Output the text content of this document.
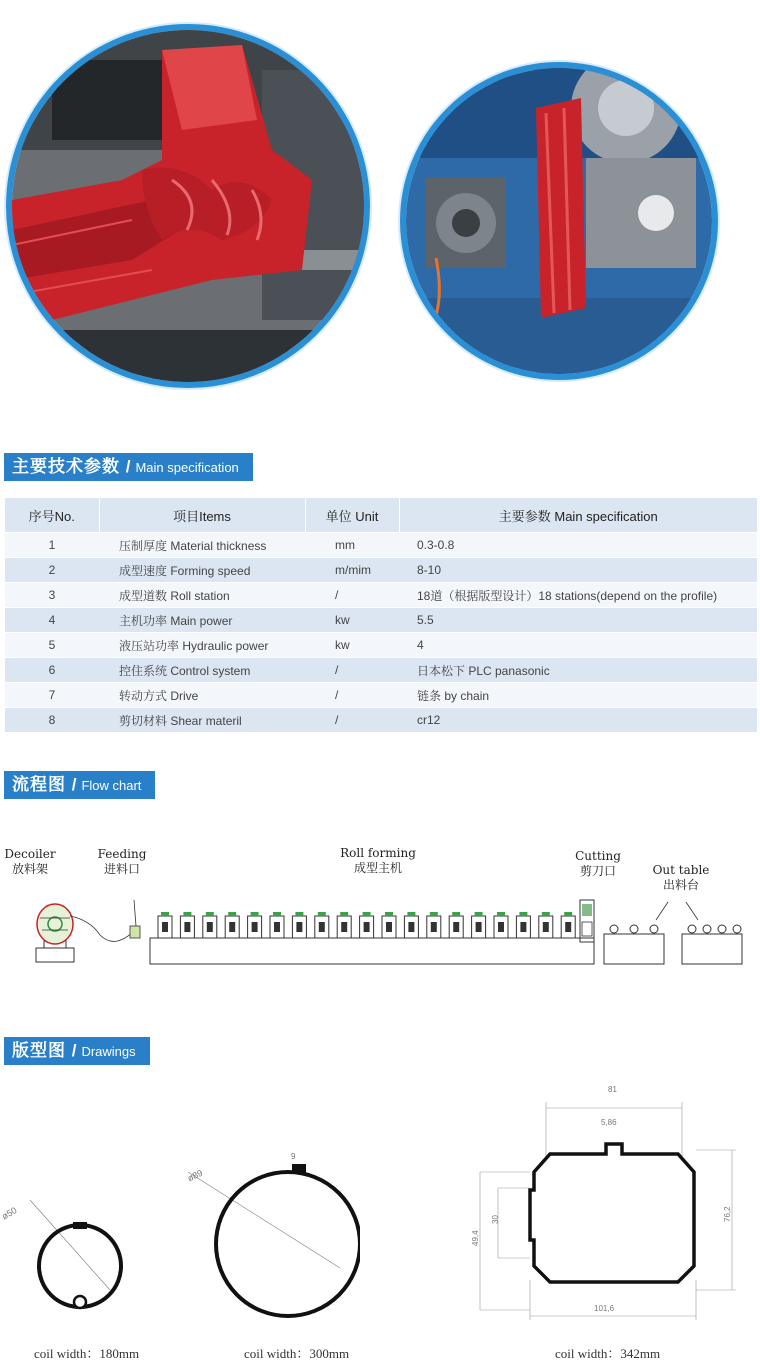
主要技术参数 / Main specification
序号No.	项目Items	单位 Unit	主要参数 Main specification
1	压制厚度 Material thickness	mm	0.3-0.8
2	成型速度 Forming speed	m/mim	8-10
3	成型道数 Roll station	/	18道（根据版型设计）18 stations(depend on the profile)
4	主机功率 Main power	kw	5.5
5	液压站功率 Hydraulic power	kw	4
6	控住系统 Control system	/	日本松下 PLC panasonic
7	转动方式 Drive	/	链条 by chain
8	剪切材料 Shear materil	/	cr12
流程图 / Flow chart
Decoiler
放料架
Feeding
进料口
Roll forming
成型主机
Cutting
剪刀口	Out table
出料台
版型图 / Drawings
ø50
ø89
9
81
5,86
49,4
30	76,2
101,6
coil width：180mm	coil width：300mm	coil width：342mm
